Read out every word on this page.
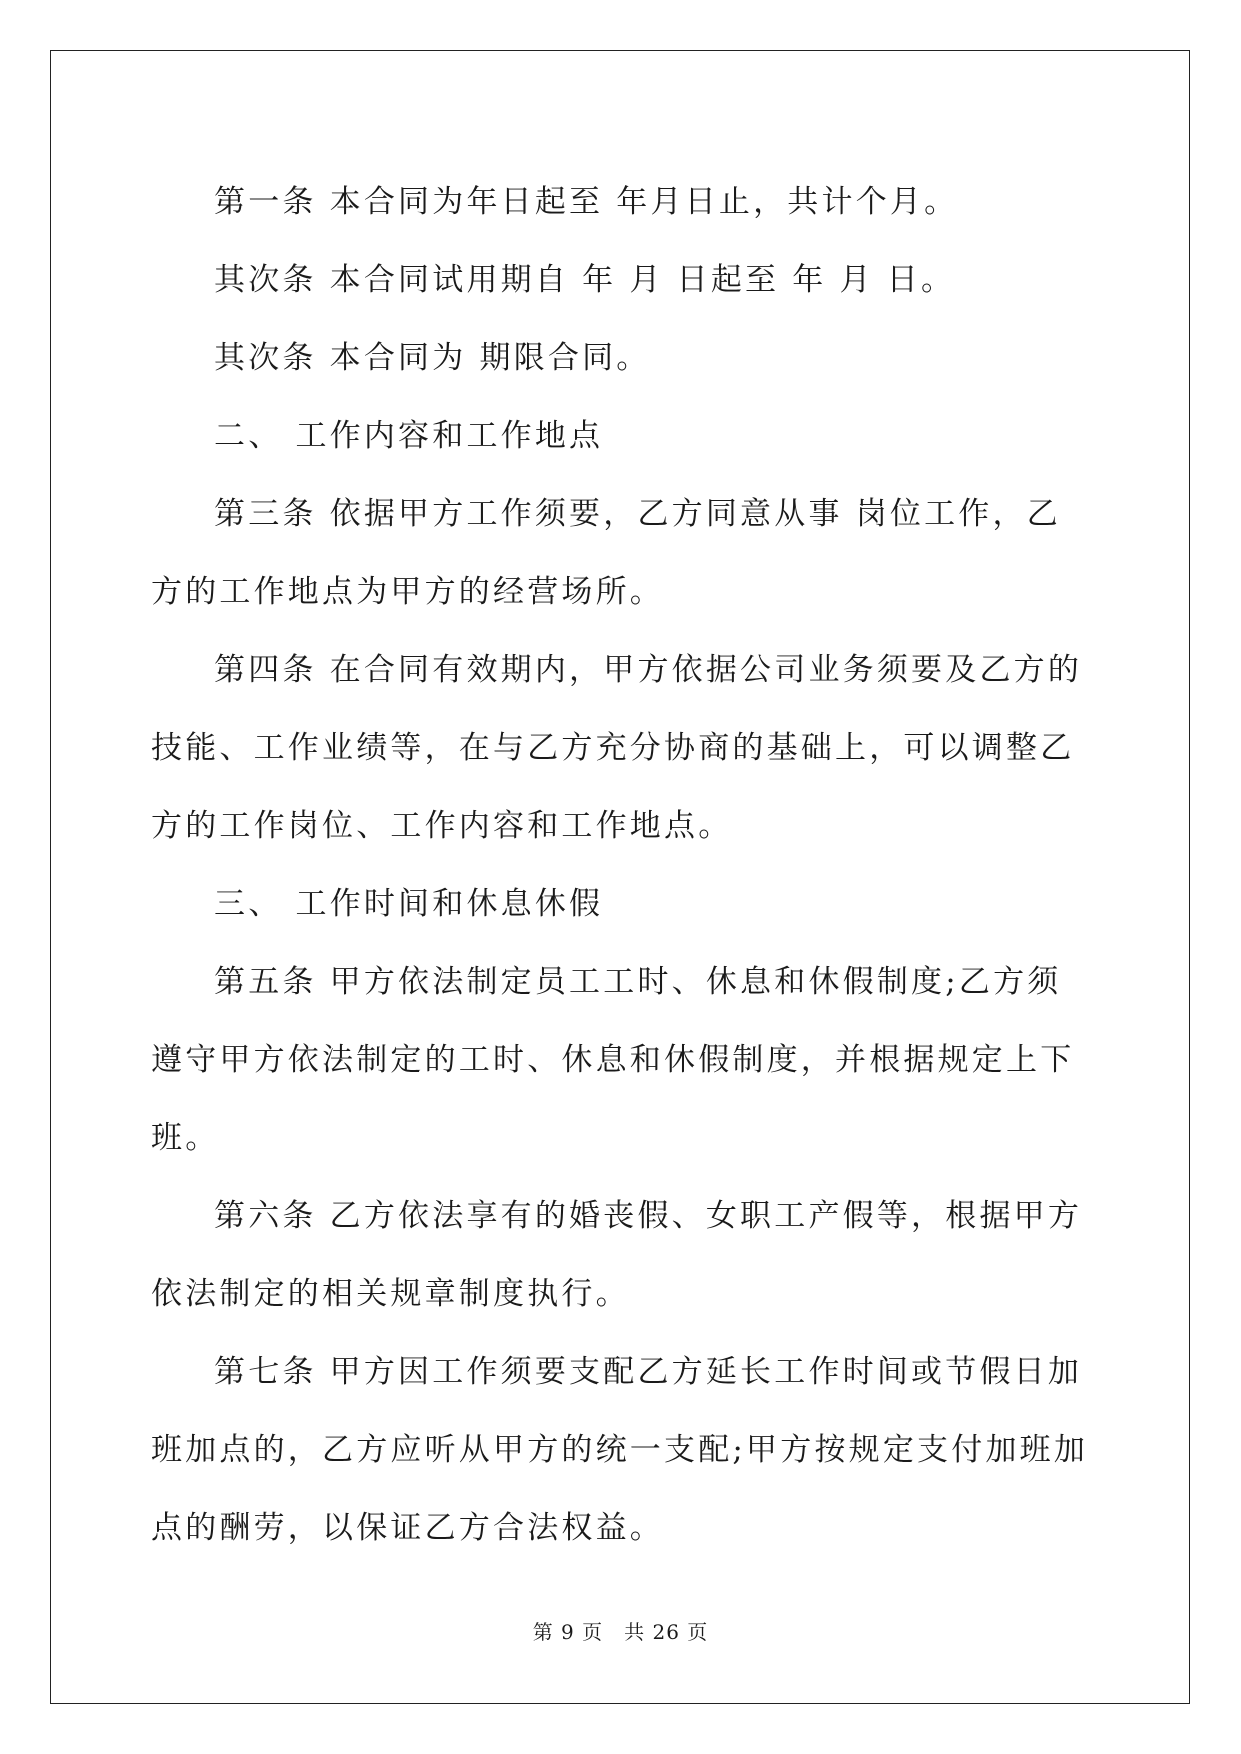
第一条 本合同为年日起至 年月日止，共计个月。

其次条 本合同试用期自 年 月 日起至 年 月 日。

其次条 本合同为 期限合同。

二、 工作内容和工作地点

第三条 依据甲方工作须要，乙方同意从事 岗位工作，乙方的工作地点为甲方的经营场所。

第四条 在合同有效期内，甲方依据公司业务须要及乙方的技能、工作业绩等，在与乙方充分协商的基础上，可以调整乙方的工作岗位、工作内容和工作地点。

三、 工作时间和休息休假

第五条 甲方依法制定员工工时、休息和休假制度;乙方须遵守甲方依法制定的工时、休息和休假制度，并根据规定上下班。

第六条 乙方依法享有的婚丧假、女职工产假等，根据甲方依法制定的相关规章制度执行。

第七条 甲方因工作须要支配乙方延长工作时间或节假日加班加点的，乙方应听从甲方的统一支配;甲方按规定支付加班加点的酬劳，以保证乙方合法权益。

第 9 页　共 26 页
